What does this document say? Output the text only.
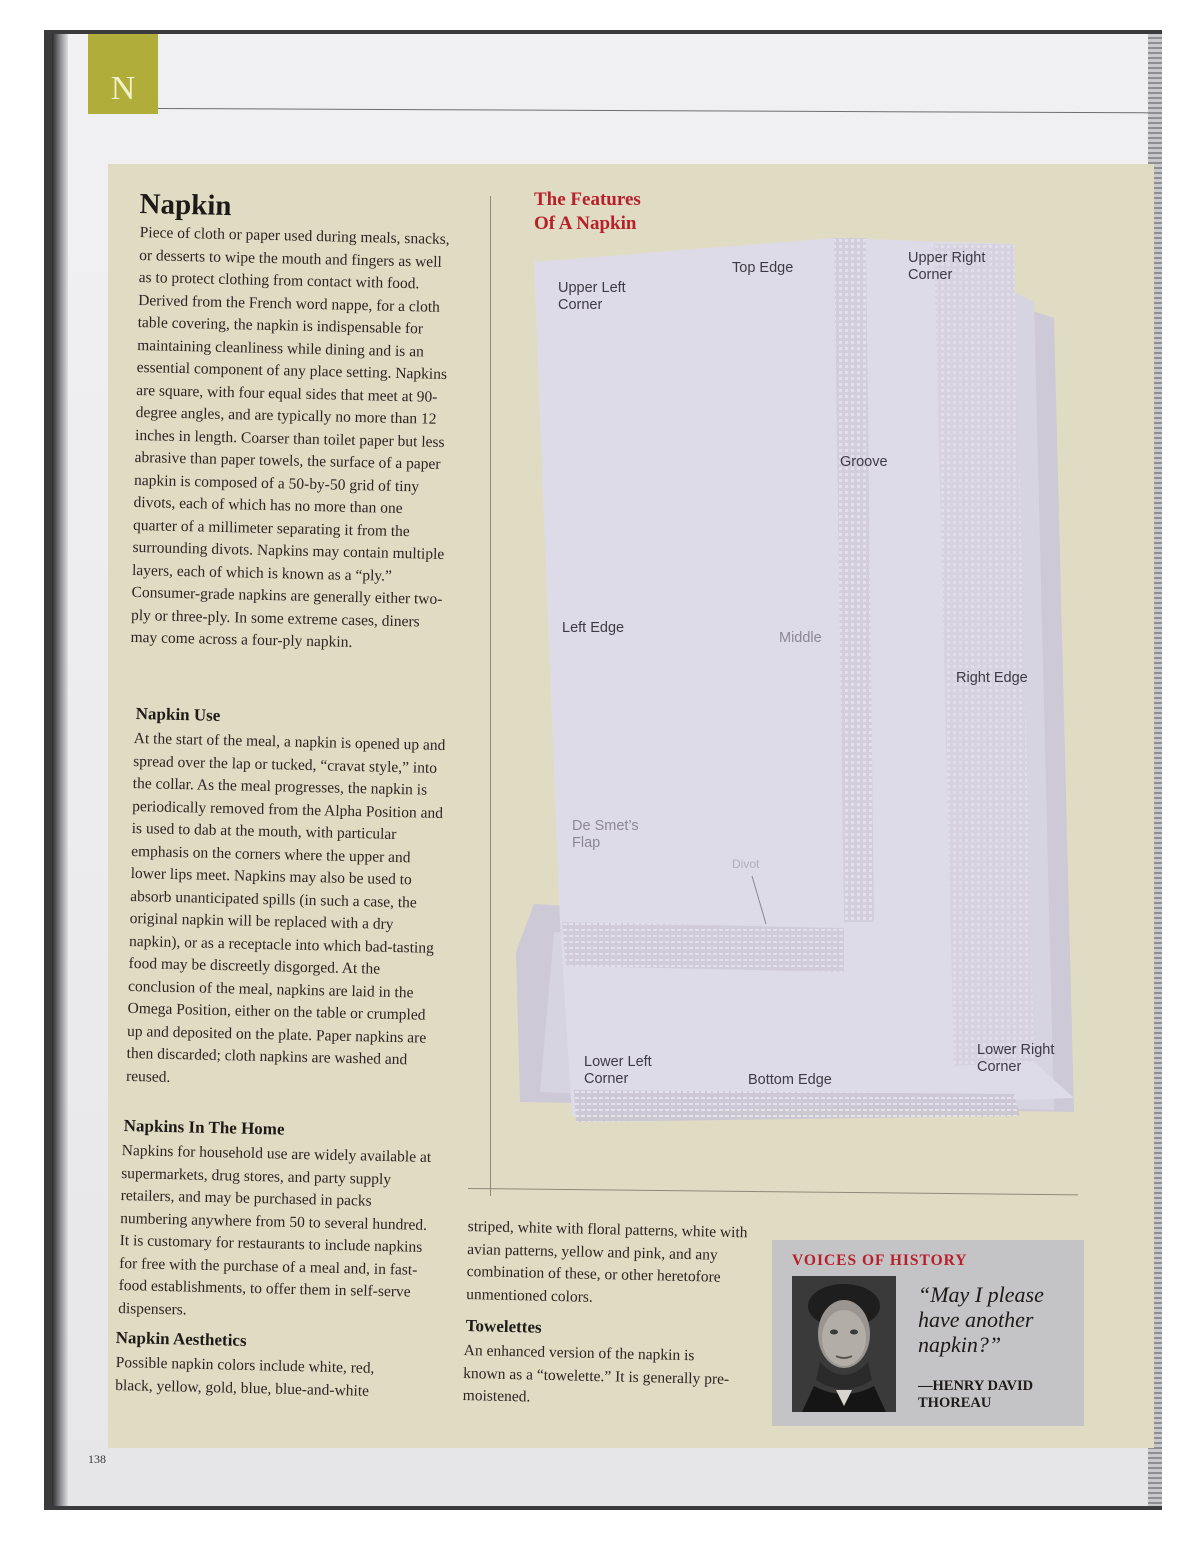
N
Napkin

Piece of cloth or paper used during meals, snacks, or desserts to wipe the mouth and fingers as well as to protect clothing from contact with food. Derived from the French word nappe, for a cloth table covering, the napkin is indispensable for maintaining cleanliness while dining and is an essential component of any place setting. Napkins are square, with four equal sides that meet at 90-degree angles, and are typically no more than 12 inches in length. Coarser than toilet paper but less abrasive than paper towels, the surface of a paper napkin is composed of a 50-by-50 grid of tiny divots, each of which has no more than one quarter of a millimeter separating it from the surrounding divots. Napkins may contain multiple layers, each of which is known as a “ply.” Consumer-grade napkins are generally either two-ply or three-ply. In some extreme cases, diners may come across a four-ply napkin.

Napkin Use

At the start of the meal, a napkin is opened up and spread over the lap or tucked, “cravat style,” into the collar. As the meal progresses, the napkin is periodically removed from the Alpha Position and is used to dab at the mouth, with particular emphasis on the corners where the upper and lower lips meet. Napkins may also be used to absorb unanticipated spills (in such a case, the original napkin will be replaced with a dry napkin), or as a receptacle into which bad-tasting food may be discreetly disgorged. At the conclusion of the meal, napkins are laid in the Omega Position, either on the table or crumpled up and deposited on the plate. Paper napkins are then discarded; cloth napkins are washed and reused.

Napkins In The Home

Napkins for household use are widely available at supermarkets, drug stores, and party supply retailers, and may be purchased in packs numbering anywhere from 50 to several hundred. It is customary for restaurants to include napkins for free with the purchase of a meal and, in fast-food establishments, to offer them in self-serve dispensers.

Napkin Aesthetics

Possible napkin colors include white, red, black, yellow, gold, blue, blue-and-white

striped, white with floral patterns, white with avian patterns, yellow and pink, and any combination of these, or other heretofore unmentioned colors.

Towelettes

An enhanced version of the napkin is known as a “towelette.” It is generally pre-moistened.

The Features
Of A Napkin
Upper Left
Corner
Top Edge
Upper Right
Corner
Groove
Left Edge
Middle
Right Edge
De Smet’s
Flap
Divot
Lower Left
Corner	Bottom Edge
Lower Right
Corner
VOICES OF HISTORY
“May I please have another napkin?”
—HENRY DAVID THOREAU
138
